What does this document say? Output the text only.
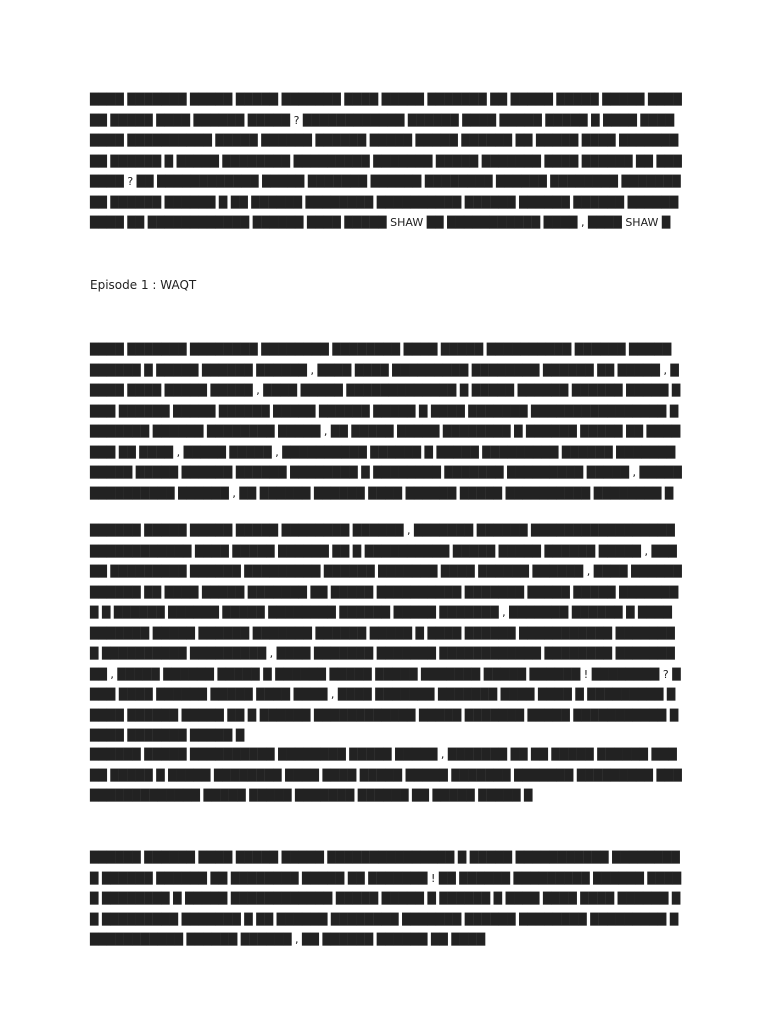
████ ███████ █████ █████ ███████ ████ █████ ███████ ██ █████ █████ █████ ██████ █████ ████ ██████ █████ ? ████████████ ██████ ████ █████ █████ █ ████ ████████ ██████████ █████ ██████ ██████ █████ █████ ██████ ██ █████ ████ ███████ ██ ██████ █ █████ ████████ █████████ ███████ █████ ███████ ████ ██████ ██ ███████ ? ██ ████████████ █████ ███████ ██████ ████████ ██████ ████████ █████████ ██████ ██████ █ ██ ██████ ████████ ██████████ ██████ ██████ ██████ ██████████ ██ ████████████ ██████ ████ █████ SHAW ██ ███████████ ████ , ████ SHAW █

Episode 1 : WAQT

████ ███████ ████████ ████████ ████████ ████ █████ ██████████ ██████ █████ ██████ █ █████ ██████ ██████ , ████ ████ █████████ ████████ ██████ ██ █████ , █████ ████ █████ █████ , ████ █████ █████████████ █ █████ ██████ ██████ █████ ████ ██████ █████ ██████ █████ ██████ █████ █ ████ ███████ ████████████████ ████████ ██████ ████████ █████ , ██ █████ █████ ████████ █ ██████ █████ ██ ███████ ██ ████ , █████ █████ , ██████████ ██████ █ █████ █████████ ██████ ███████ █████ █████ ██████ ██████ ████████ █ ████████ ███████ █████████ █████ , █████ ██████████ ██████ , ██ ██████ ██████ ████ ██████ █████ ██████████ ████████ █

██████ █████ █████ █████ ████████ ██████ , ███████ ██████ █████████████████ ████████████ ████ █████ ██████ ██ █ ██████████ █████ █████ ██████ █████ , █████ █████████ ██████ █████████ ██████ ███████ ████ ██████ ██████ , ████ ██████ ██████ ██ ████ █████ ███████ ██ █████ ██████████ ███████ █████ █████ ████████ █ ██████ ██████ █████ ████████ ██████ █████ ███████ , ███████ ██████ █ ████ ███████ █████ ██████ ███████ ██████ █████ █ ████ ██████ ███████████ ████████ ██████████ █████████ , ████ ███████ ███████ ████████████ ████████ █████████ , █████ ██████ █████ █ ██████ █████ █████ ███████ █████ ██████ ! ████████ ? ████ ████ ██████ █████ ████ ████ , ████ ███████ ███████ ████ ████ █ █████████ █████ ██████ █████ ██ █ ██████ ████████████ █████ ███████ █████ ███████████ █████ ███████ █████ █

██████ █████ ██████████ ████████ █████ █████ , ███████ ██ ██ █████ ██████ █████ █████ █ █████ ████████ ████ ████ █████ █████ ███████ ███████ █████████ ████████████████ █████ █████ ███████ ██████ ██ █████ █████ █

██████ ██████ ████ █████ █████ ███████████████ █ █████ ███████████ █████████ ██████ ██████ ██ ████████ █████ ██ ███████ ! ██ ██████ █████████ ██████ █████ ████████ █ █████ ████████████ █████ █████ █ ██████ █ ████ ████ ████ ██████ ██ █████████ ███████ █ ██ ██████ ████████ ███████ ██████ ████████ █████████ ████████████ ██████ ██████ , ██ ██████ ██████ ██ ████
